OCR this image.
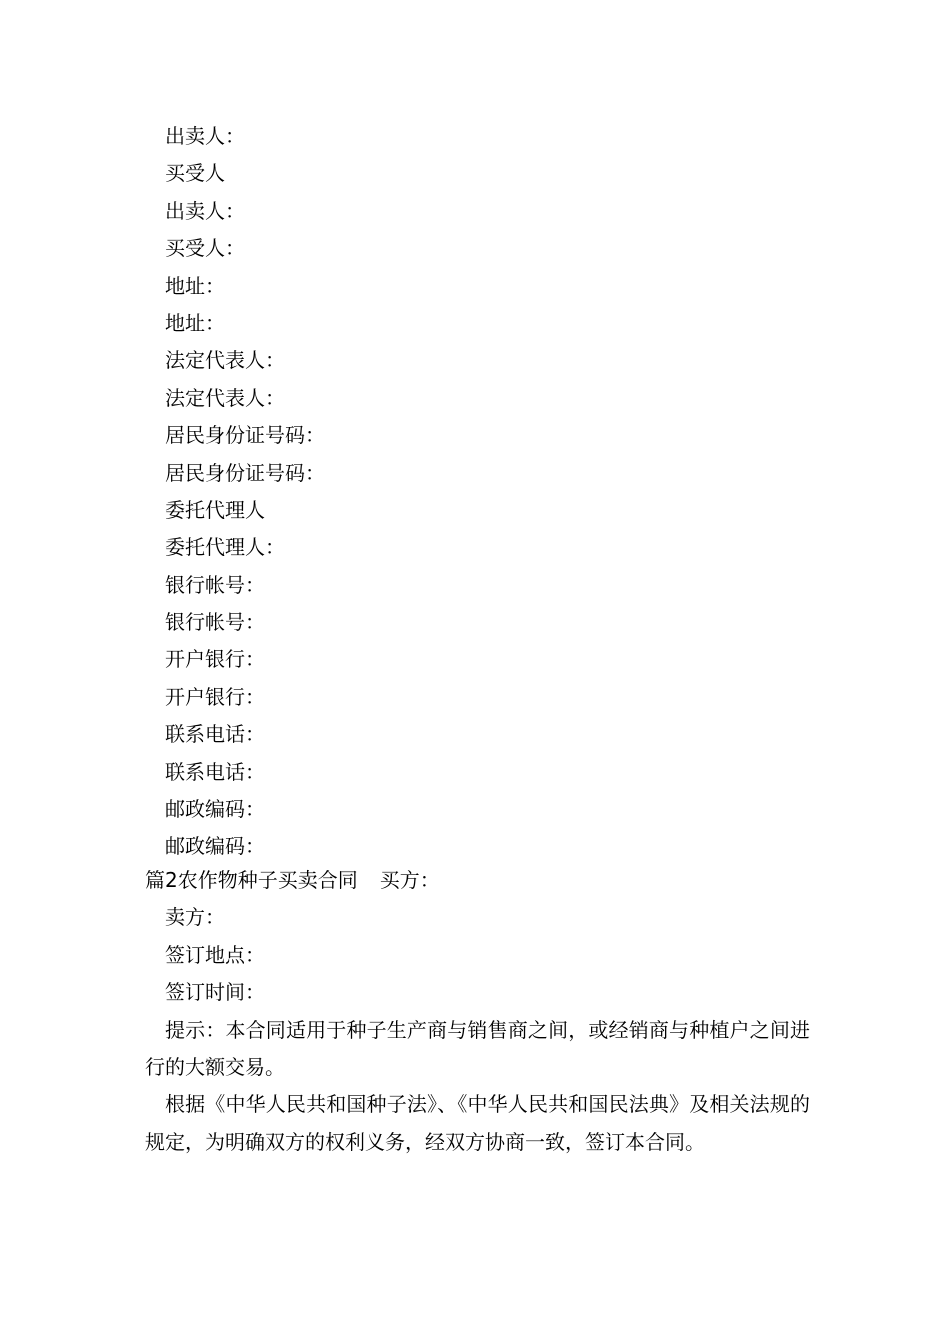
出卖人：
买受人
出卖人：
买受人：
地址：
地址：
法定代表人：
法定代表人：
居民身份证号码：
居民身份证号码：
委托代理人
委托代理人：
银行帐号：
银行帐号：
开户银行：
开户银行：
联系电话：
联系电话：
邮政编码：
邮政编码：
篇2农作物种子买卖合同 买方：
卖方：
签订地点：
签订时间：

提示：本合同适用于种子生产商与销售商之间，或经销商与种植户之间进行的大额交易。

根据《中华人民共和国种子法》、《中华人民共和国民法典》及相关法规的规定，为明确双方的权利义务，经双方协商一致，签订本合同。
